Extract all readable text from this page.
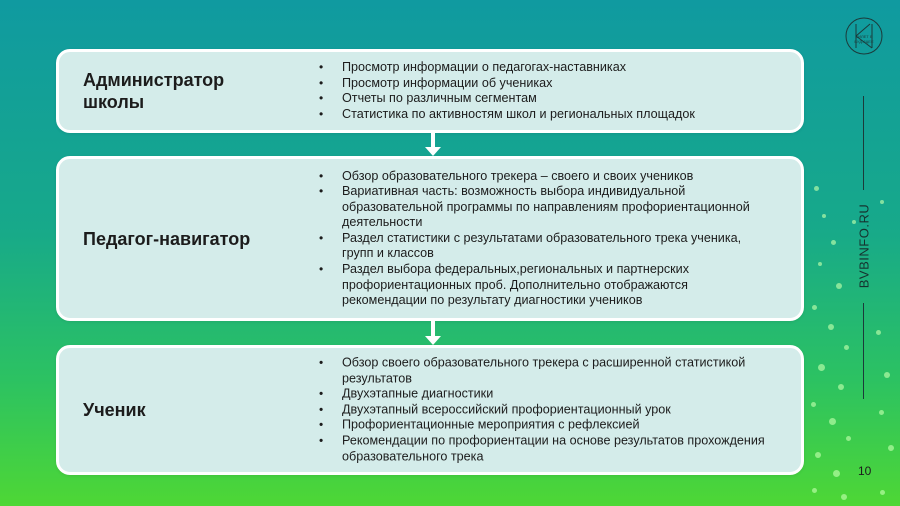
Администратор школы
• Просмотр информации о педагогах-наставниках
• Просмотр информации об учениках
• Отчеты по различным сегментам
• Статистика по активностям школ и региональных площадок
Педагог-навигатор
• Обзор образовательного трекера – своего и своих учеников
• Вариативная часть: возможность выбора индивидуальной образовательной программы по направлениям профориентационной деятельности
• Раздел статистики с результатами образовательного трека ученика, групп и классов
• Раздел выбора федеральных,региональных и партнерских профориентационных проб. Дополнительно отображаются рекомендации по результату диагностики учеников
Ученик
• Обзор своего образовательного трекера с расширенной статистикой результатов
• Двухэтапные диагностики
• Двухэтапный всероссийский профориентационный урок
• Профориентационные мероприятия с рефлексией
• Рекомендации по профориентации на основе результатов прохождения образовательного трека
БИЛЕТ В
БУДУЩЕЕ
BVBINFO.RU
10
